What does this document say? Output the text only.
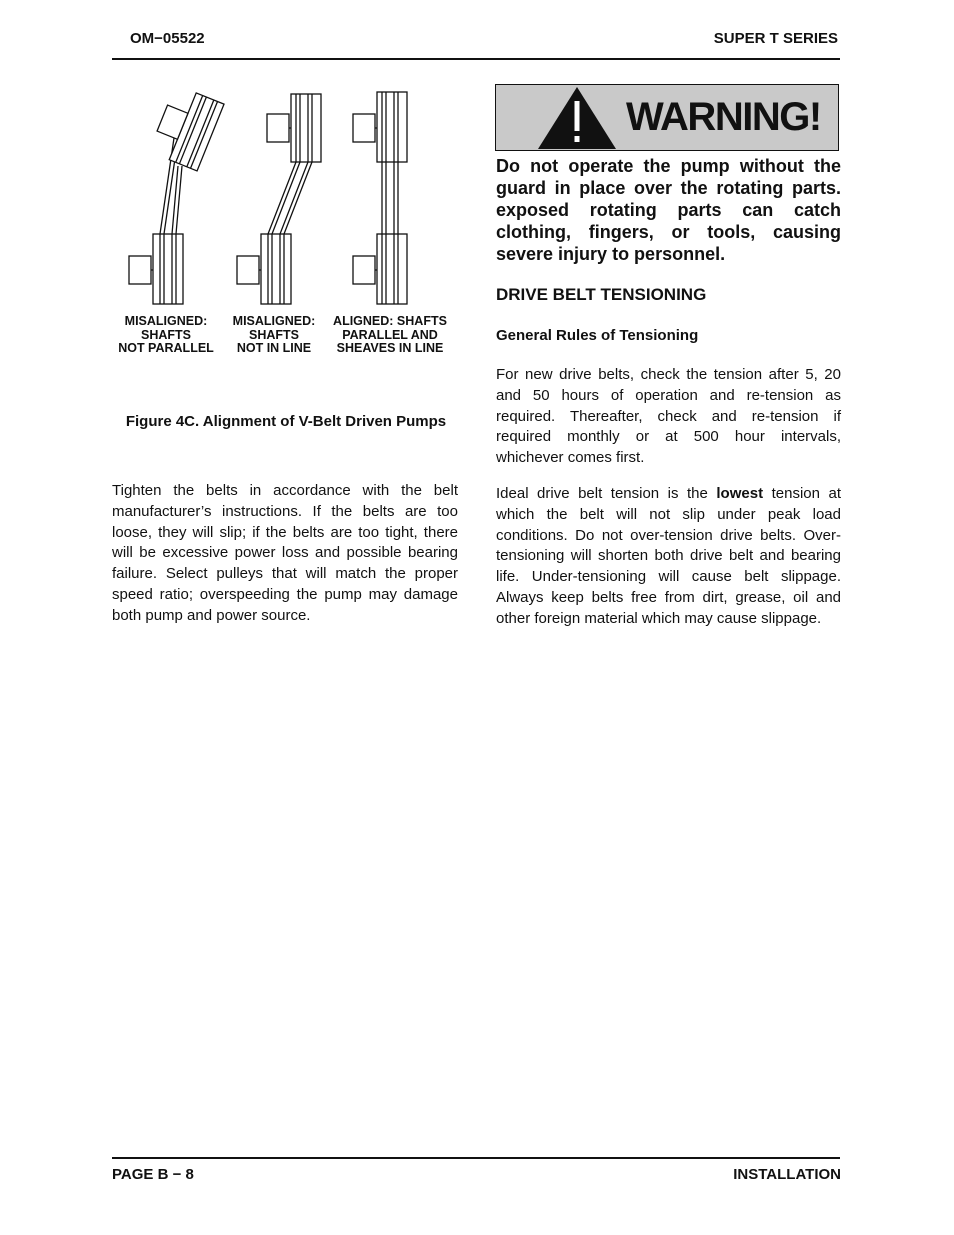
OM−05522	SUPER T SERIES
MISALIGNED:
SHAFTS
NOT PARALLEL
MISALIGNED:
SHAFTS
NOT IN LINE
ALIGNED: SHAFTS
PARALLEL AND
SHEAVES IN LINE
Figure 4C. Alignment of V-Belt Driven Pumps
Tighten the belts in accordance with the belt manufacturer’s instructions. If the belts are too loose, they will slip; if the belts are too tight, there will be excessive power loss and possible bearing failure. Select pulleys that will match the proper speed ratio; overspeeding the pump may damage both pump and power source.
WARNING!
Do not operate the pump without the guard in place over the rotating parts. exposed rotating parts can catch clothing, fingers, or tools, causing severe injury to personnel.
DRIVE BELT TENSIONING
General Rules of Tensioning
For new drive belts, check the tension after 5, 20 and 50 hours of operation and re-tension as required. Thereafter, check and re-tension if required monthly or at 500 hour intervals, whichever comes first.
Ideal drive belt tension is the lowest tension at which the belt will not slip under peak load conditions. Do not over-tension drive belts. Over-tensioning will shorten both drive belt and bearing life. Under-tensioning will cause belt slippage. Always keep belts free from dirt, grease, oil and other foreign material which may cause slippage.
PAGE B − 8	INSTALLATION
